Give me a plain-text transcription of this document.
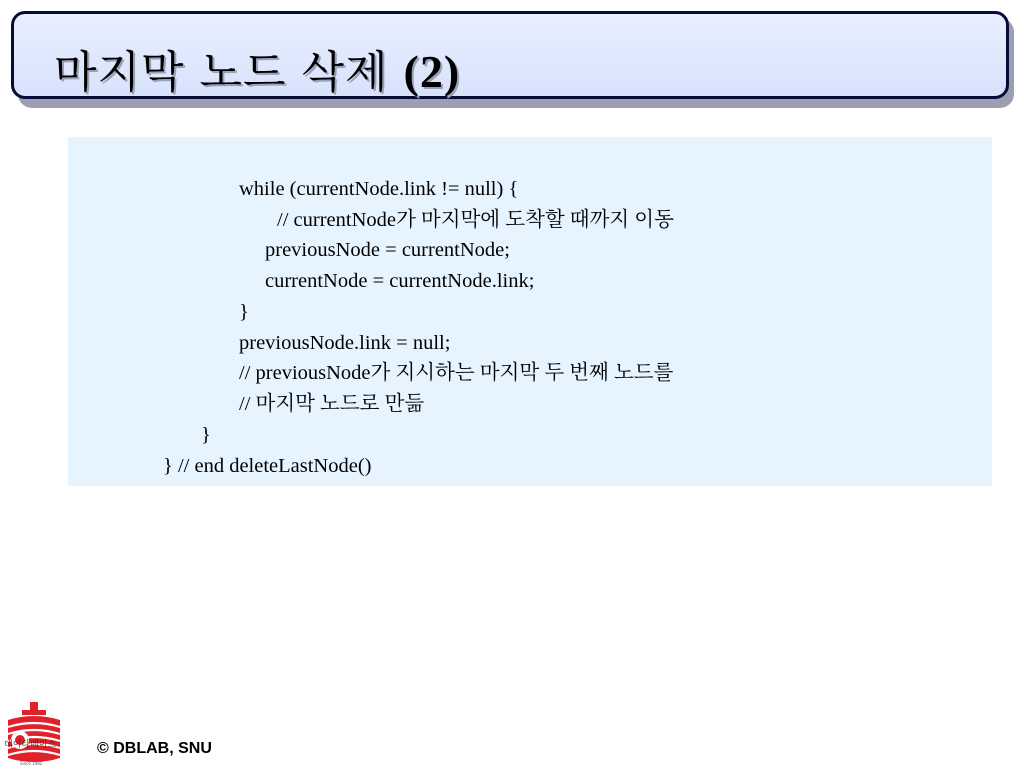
마지막 노드 삭제 (2)
while (currentNode.link != null) {
// currentNode가 마지막에 도착할 때까지 이동
previousNode = currentNode;
currentNode = currentNode.link;
}
previousNode.link = null;
// previousNode가 지시하는 마지막 두 번째 노드를
// 마지막 노드로 만듦
}
} // end deleteLastNode()
데이타베이스
Since 1982
© DBLAB, SNU
